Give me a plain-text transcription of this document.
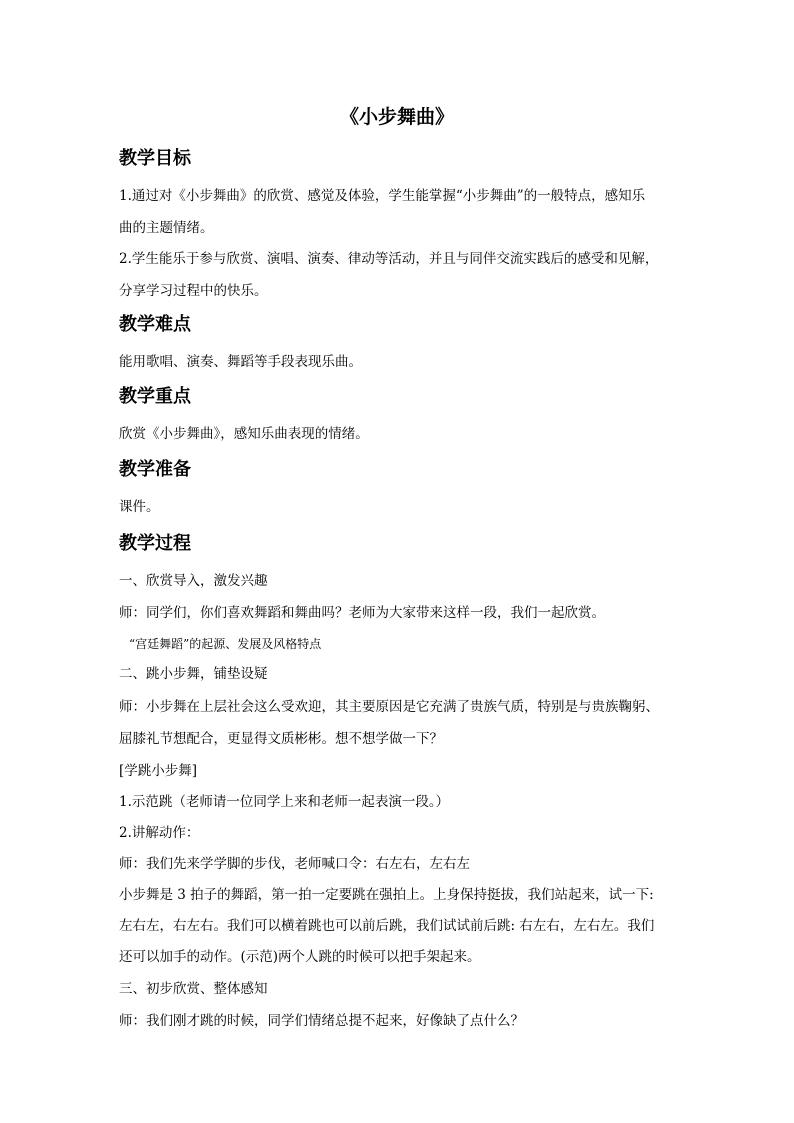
《小步舞曲》
教学目标
1.通过对《小步舞曲》的欣赏、感觉及体验，学生能掌握“小步舞曲”的一般特点，感知乐
曲的主题情绪。
2.学生能乐于参与欣赏、演唱、演奏、律动等活动，并且与同伴交流实践后的感受和见解，
分享学习过程中的快乐。
教学难点
能用歌唱、演奏、舞蹈等手段表现乐曲。
教学重点
欣赏《小步舞曲》，感知乐曲表现的情绪。
教学准备
课件。
教学过程
一、欣赏导入，激发兴趣
师：同学们，你们喜欢舞蹈和舞曲吗？老师为大家带来这样一段，我们一起欣赏。
“宫廷舞蹈”的起源、发展及风格特点
二、跳小步舞，铺垫设疑
师：小步舞在上层社会这么受欢迎，其主要原因是它充满了贵族气质，特别是与贵族鞠躬、
屈膝礼节想配合，更显得文质彬彬。想不想学做一下？
[学跳小步舞]
1.示范跳（老师请一位同学上来和老师一起表演一段。）
2.讲解动作：
师：我们先来学学脚的步伐，老师喊口令：右左右，左右左
小步舞是 3 拍子的舞蹈，第一拍一定要跳在强拍上。上身保持挺拔，我们站起来，试一下:
左右左，右左右。我们可以横着跳也可以前后跳，我们试试前后跳: 右左右，左右左。我们
还可以加手的动作。(示范)两个人跳的时候可以把手架起来。
三、初步欣赏、整体感知
师：我们刚才跳的时候，同学们情绪总提不起来，好像缺了点什么？
